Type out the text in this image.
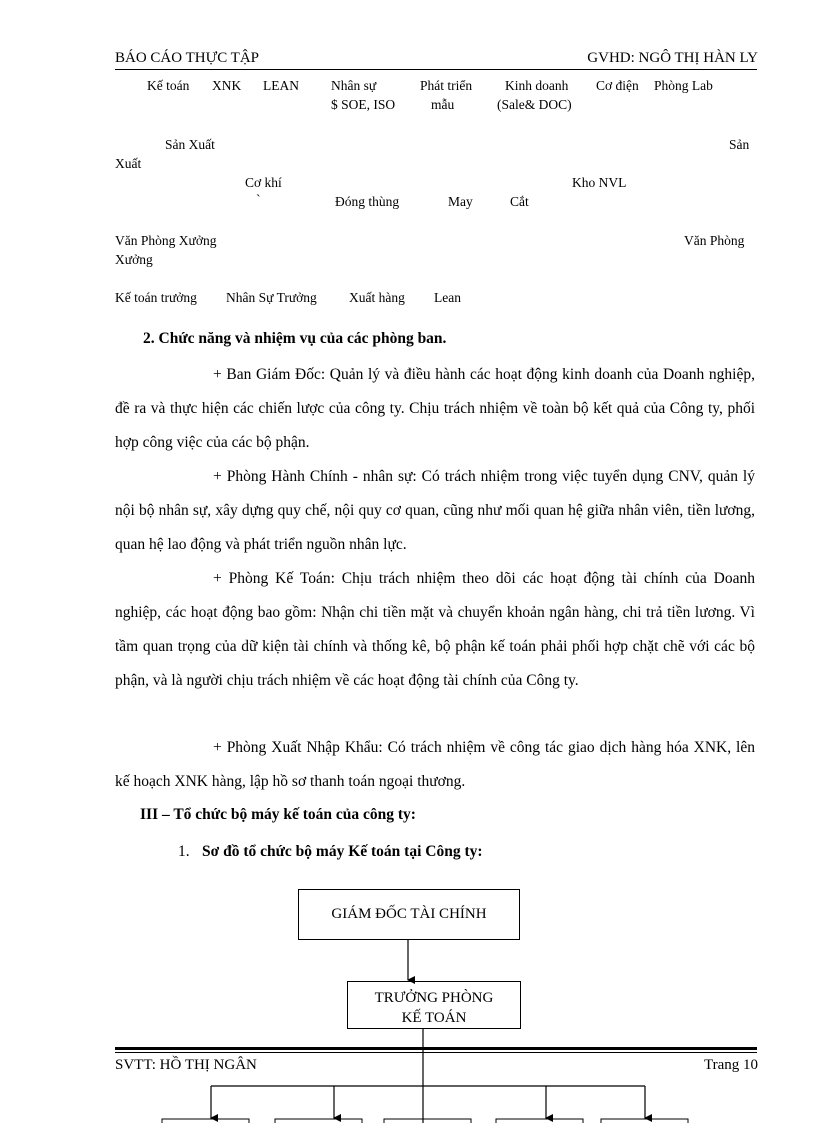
BÁO CÁO THỰC TẬP	GVHD: NGÔ THỊ HÀN LY
Kế toán XNK LEAN Nhân sự
$ SOE, ISO
Phát triển
mẫu
Kinh doanh
(Sale& DOC)
Cơ điện Phòng Lab
Sản Xuất	Sản
Xuất
Cơ khí
`	Đóng thùng	May	Cắt
Kho NVL
Văn Phòng Xưởng	Văn Phòng
Xưởng
Kế toán trưởng Nhân Sự Trưởng Xuất hàng Lean
2. Chức năng và nhiệm vụ của các phòng ban.
+ Ban Giám Đốc: Quản lý và điều hành các hoạt động kinh doanh của Doanh nghiệp, đề ra và thực hiện các chiến lược của công ty. Chịu trách nhiệm về toàn bộ kết quả của Công ty, phối hợp công việc của các bộ phận.
+ Phòng Hành Chính - nhân sự: Có trách nhiệm trong việc tuyển dụng CNV, quản lý nội bộ nhân sự, xây dựng quy chế, nội quy cơ quan, cũng như mối quan hệ giữa nhân viên, tiền lương, quan hệ lao động và phát triển nguồn nhân lực.
+ Phòng Kế Toán: Chịu trách nhiệm theo dõi các hoạt động tài chính của Doanh nghiệp, các hoạt động bao gồm: Nhận chi tiền mặt và chuyển khoản ngân hàng, chi trả tiền lương. Vì tầm quan trọng của dữ kiện tài chính và thống kê, bộ phận kế toán phải phối hợp chặt chẽ với các bộ phận, và là người chịu trách nhiệm về các hoạt động tài chính của Công ty.
+ Phòng Xuất Nhập Khẩu: Có trách nhiệm về công tác giao dịch hàng hóa XNK, lên kế hoạch XNK hàng, lập hồ sơ thanh toán ngoại thương.
III – Tổ chức bộ máy kế toán của công ty:
1. Sơ đồ tổ chức bộ máy Kế toán tại Công ty:
GIÁM ĐỐC TÀI CHÍNH
TRƯỞNG PHÒNG
KẾ TOÁN
SVTT: HỒ THỊ NGÂN	Trang 10
